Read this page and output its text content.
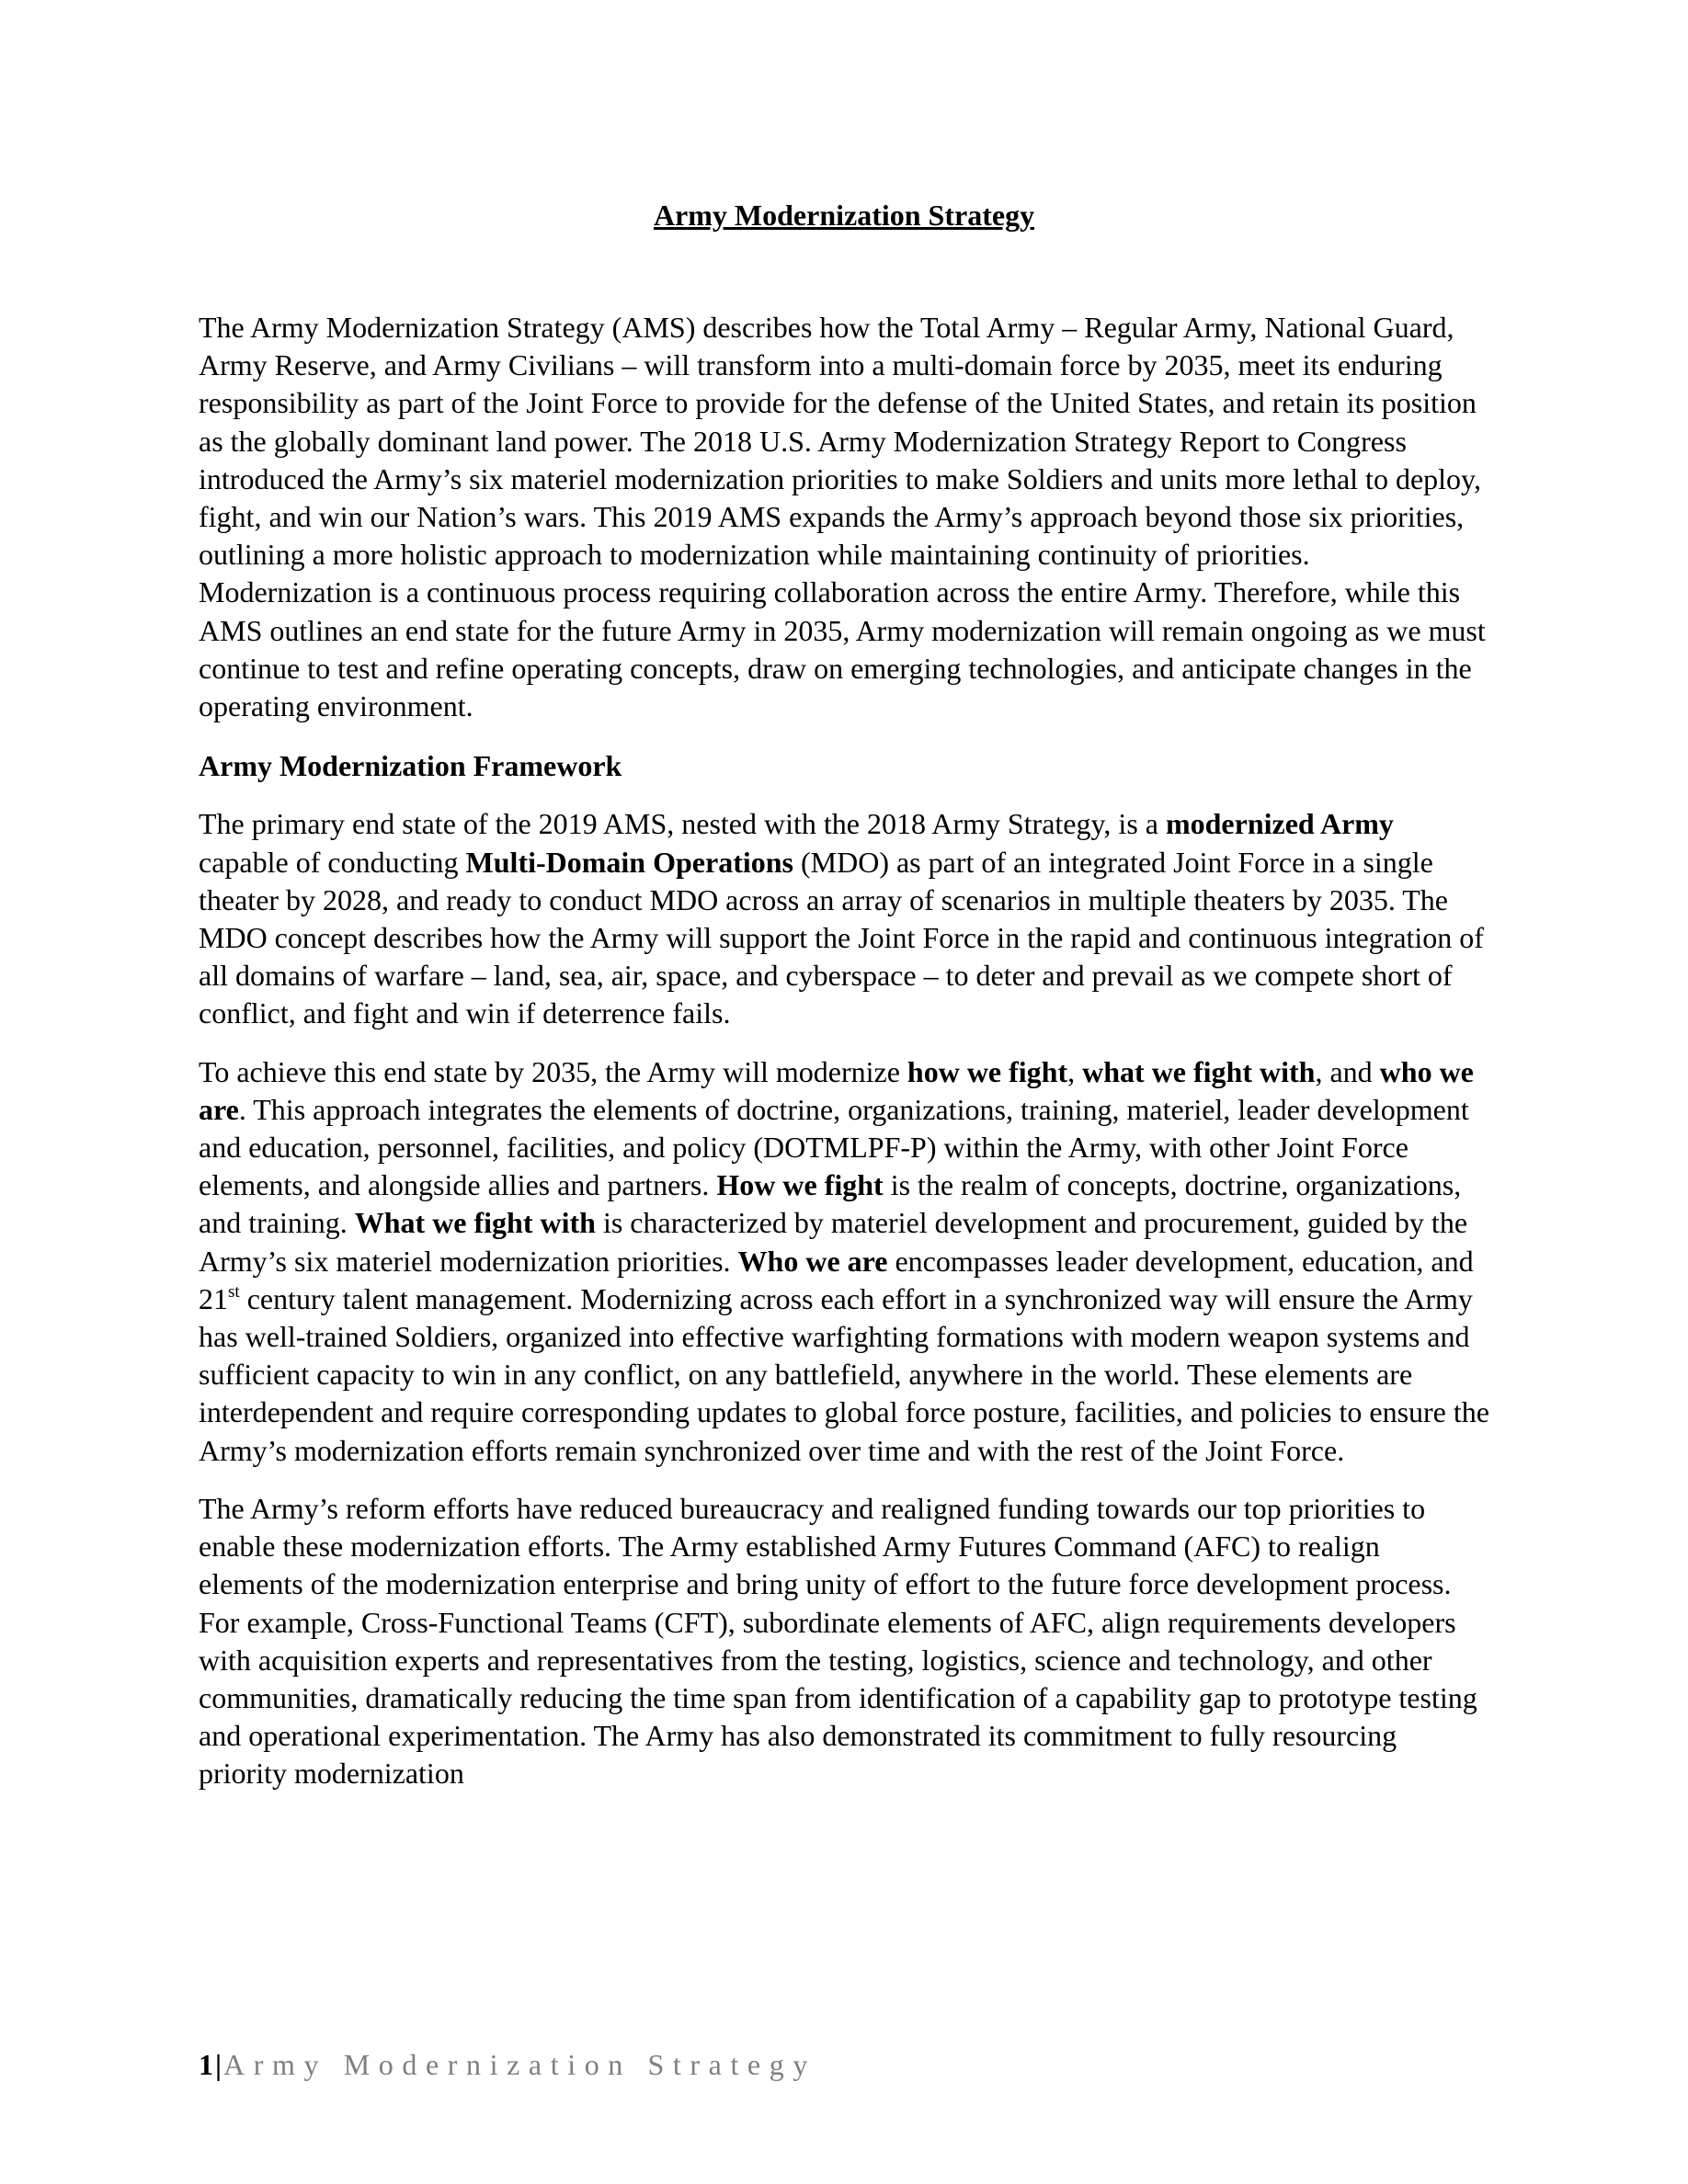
Army Modernization Strategy

The Army Modernization Strategy (AMS) describes how the Total Army – Regular Army, National Guard, Army Reserve, and Army Civilians – will transform into a multi-domain force by 2035, meet its enduring responsibility as part of the Joint Force to provide for the defense of the United States, and retain its position as the globally dominant land power. The 2018 U.S. Army Modernization Strategy Report to Congress introduced the Army’s six materiel modernization priorities to make Soldiers and units more lethal to deploy, fight, and win our Nation’s wars. This 2019 AMS expands the Army’s approach beyond those six priorities, outlining a more holistic approach to modernization while maintaining continuity of priorities. Modernization is a continuous process requiring collaboration across the entire Army. Therefore, while this AMS outlines an end state for the future Army in 2035, Army modernization will remain ongoing as we must continue to test and refine operating concepts, draw on emerging technologies, and anticipate changes in the operating environment.

Army Modernization Framework

The primary end state of the 2019 AMS, nested with the 2018 Army Strategy, is a modernized Army capable of conducting Multi-Domain Operations (MDO) as part of an integrated Joint Force in a single theater by 2028, and ready to conduct MDO across an array of scenarios in multiple theaters by 2035. The MDO concept describes how the Army will support the Joint Force in the rapid and continuous integration of all domains of warfare – land, sea, air, space, and cyberspace – to deter and prevail as we compete short of conflict, and fight and win if deterrence fails.

To achieve this end state by 2035, the Army will modernize how we fight, what we fight with, and who we are. This approach integrates the elements of doctrine, organizations, training, materiel, leader development and education, personnel, facilities, and policy (DOTMLPF-P) within the Army, with other Joint Force elements, and alongside allies and partners. How we fight is the realm of concepts, doctrine, organizations, and training. What we fight with is characterized by materiel development and procurement, guided by the Army’s six materiel modernization priorities. Who we are encompasses leader development, education, and 21st century talent management. Modernizing across each effort in a synchronized way will ensure the Army has well-trained Soldiers, organized into effective warfighting formations with modern weapon systems and sufficient capacity to win in any conflict, on any battlefield, anywhere in the world. These elements are interdependent and require corresponding updates to global force posture, facilities, and policies to ensure the Army’s modernization efforts remain synchronized over time and with the rest of the Joint Force.

The Army’s reform efforts have reduced bureaucracy and realigned funding towards our top priorities to enable these modernization efforts. The Army established Army Futures Command (AFC) to realign elements of the modernization enterprise and bring unity of effort to the future force development process. For example, Cross-Functional Teams (CFT), subordinate elements of AFC, align requirements developers with acquisition experts and representatives from the testing, logistics, science and technology, and other communities, dramatically reducing the time span from identification of a capability gap to prototype testing and operational experimentation. The Army has also demonstrated its commitment to fully resourcing priority modernization

1|Army Modernization Strategy
